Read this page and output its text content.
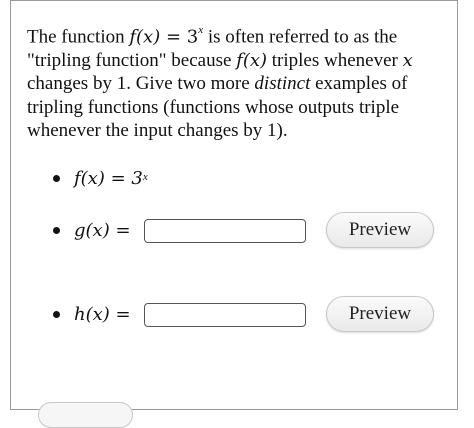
The function $f(x) = 3^x$ is often referred to as the "tripling function" because f(x) triples whenever x changes by 1. Give two more distinct examples of tripling functions (functions whose outputs triple whenever the input changes by 1).
$f(x) = 3^x$
g(x) =	Preview
h(x) =	Preview
